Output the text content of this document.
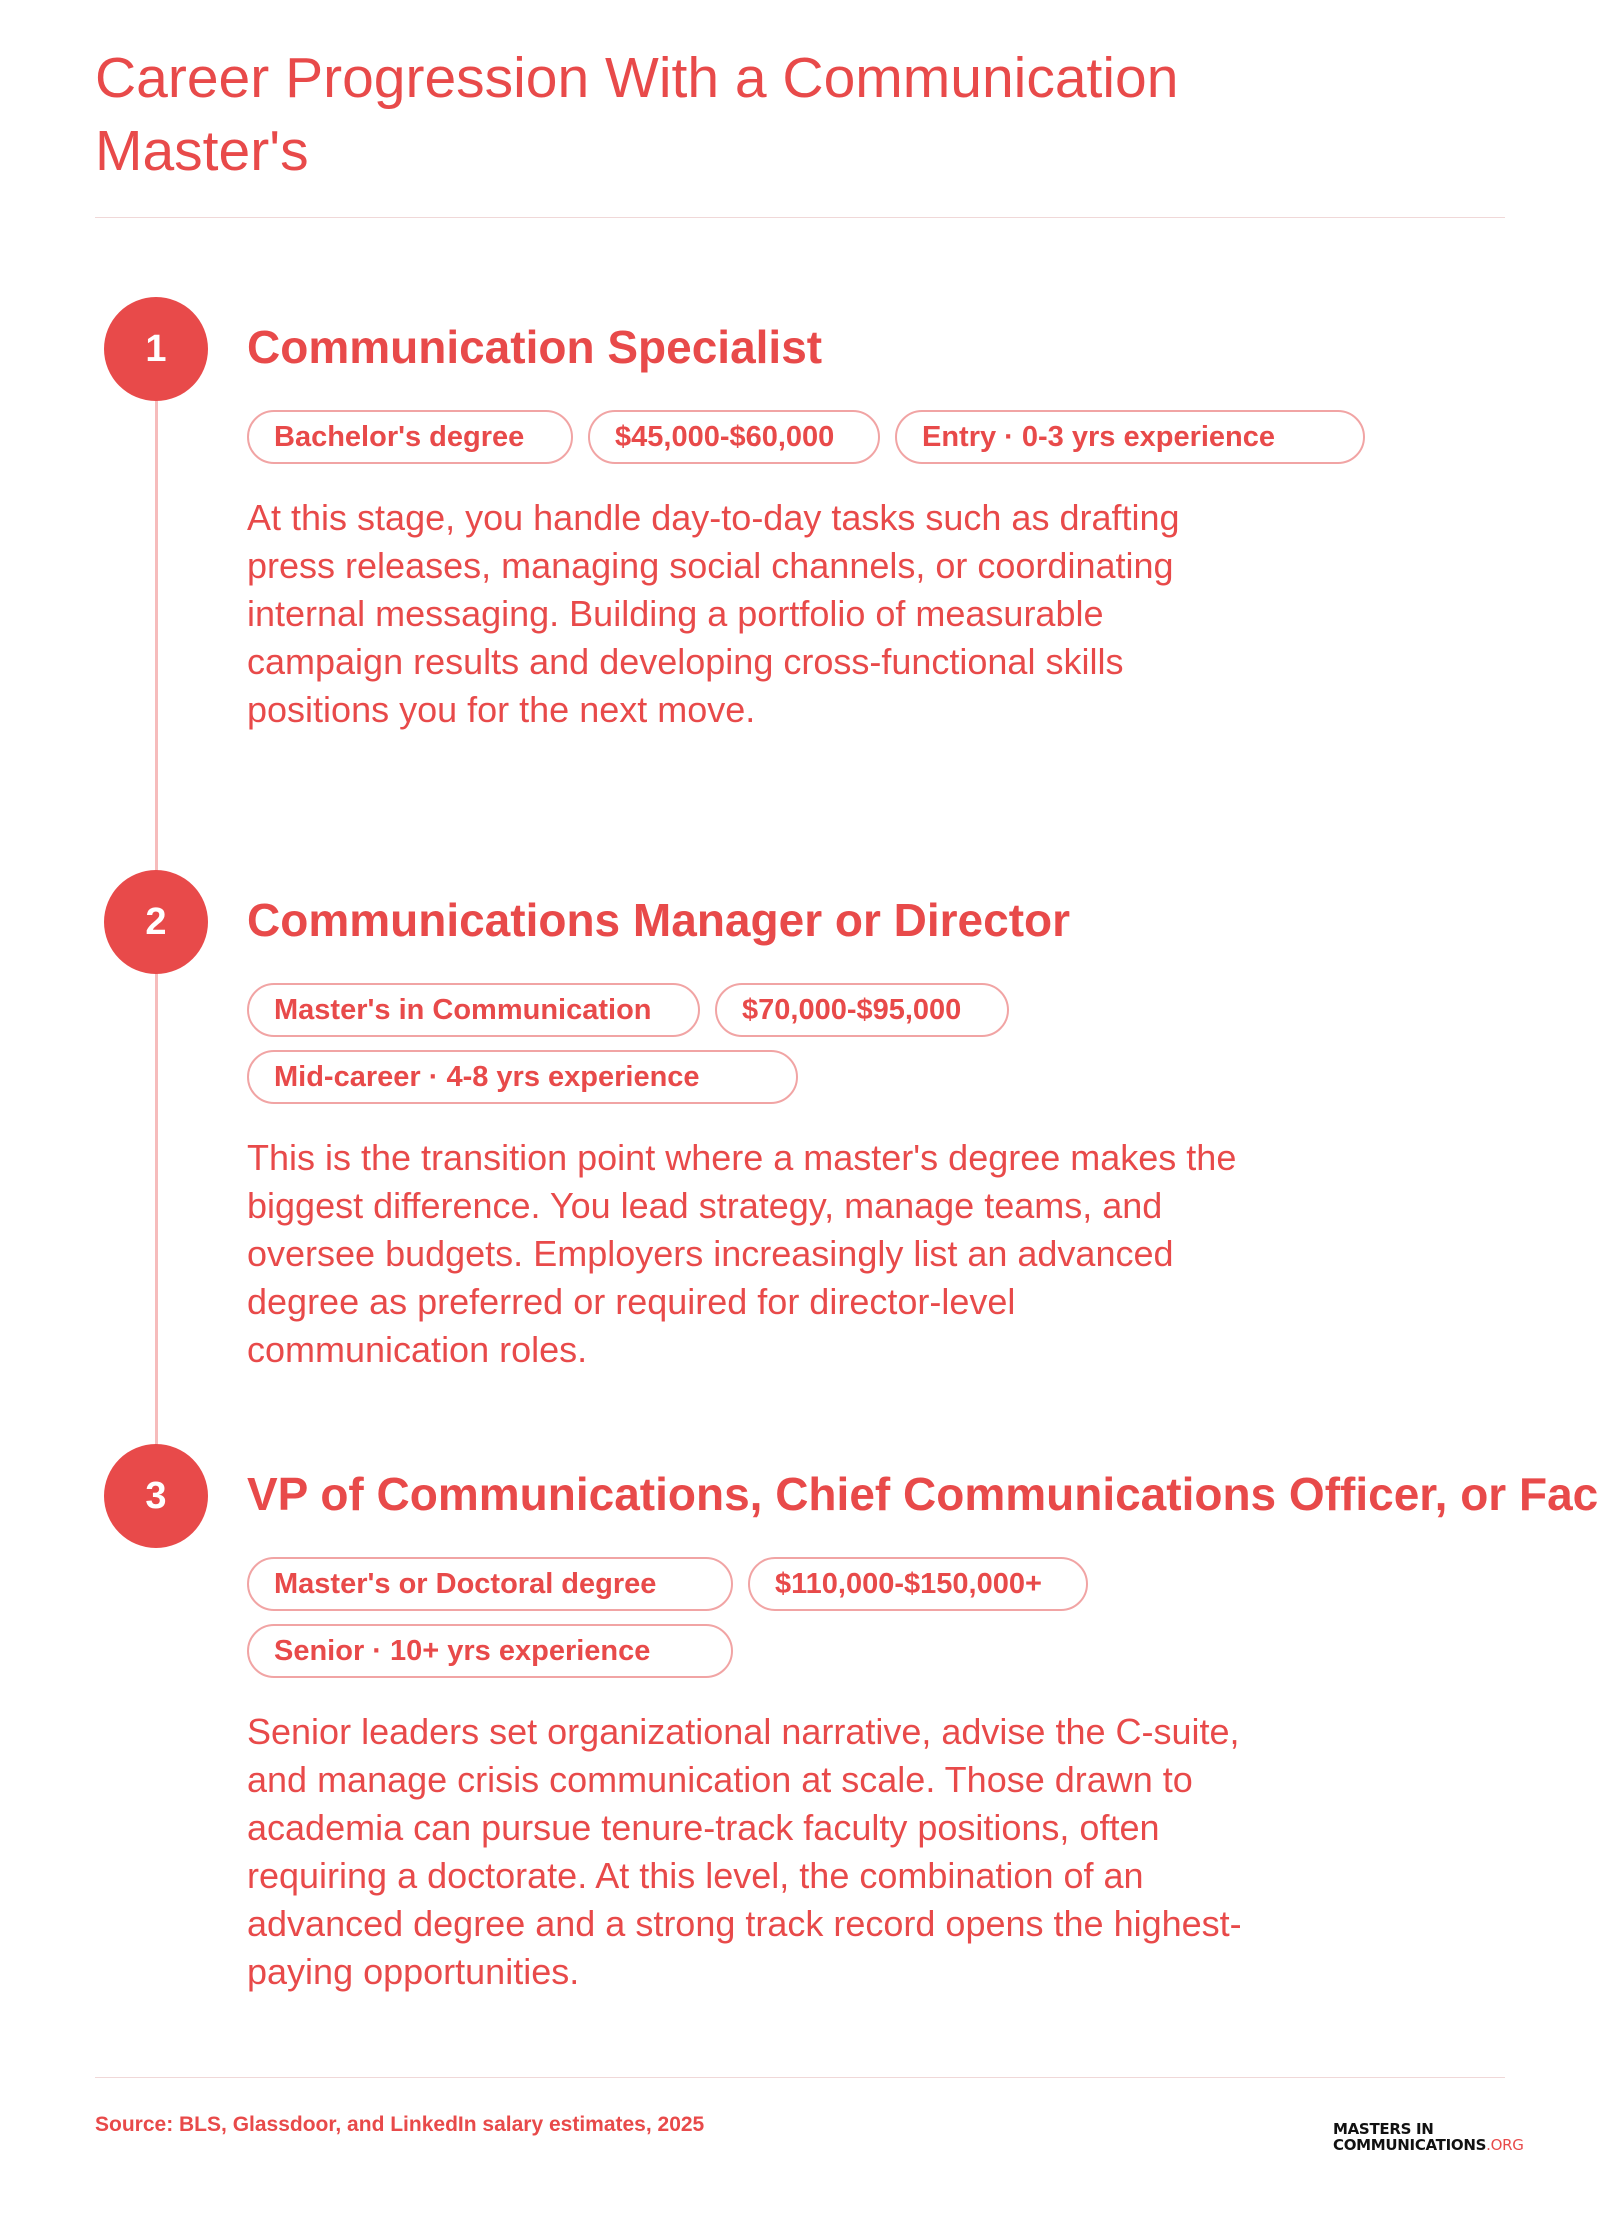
Career Progression With a Communication Master's
1	Communication Specialist
Bachelor's degree	$45,000-$60,000	Entry · 0-3 yrs experience

At this stage, you handle day-to-day tasks such as drafting press releases, managing social channels, or coordinating internal messaging. Building a portfolio of measurable campaign results and developing cross-functional skills positions you for the next move.

2	Communications Manager or Director
Master's in Communication	$70,000-$95,000
Mid-career · 4-8 yrs experience

This is the transition point where a master's degree makes the biggest difference. You lead strategy, manage teams, and oversee budgets. Employers increasingly list an advanced degree as preferred or required for director-level communication roles.

3	VP of Communications, Chief Communications Officer, or Fac
Master's or Doctoral degree	$110,000-$150,000+
Senior · 10+ yrs experience

Senior leaders set organizational narrative, advise the C-suite, and manage crisis communication at scale. Those drawn to academia can pursue tenure-track faculty positions, often requiring a doctorate. At this level, the combination of an advanced degree and a strong track record opens the highest-paying opportunities.

Source: BLS, Glassdoor, and LinkedIn salary estimates, 2025	MASTERS IN
COMMUNICATIONS.ORG
